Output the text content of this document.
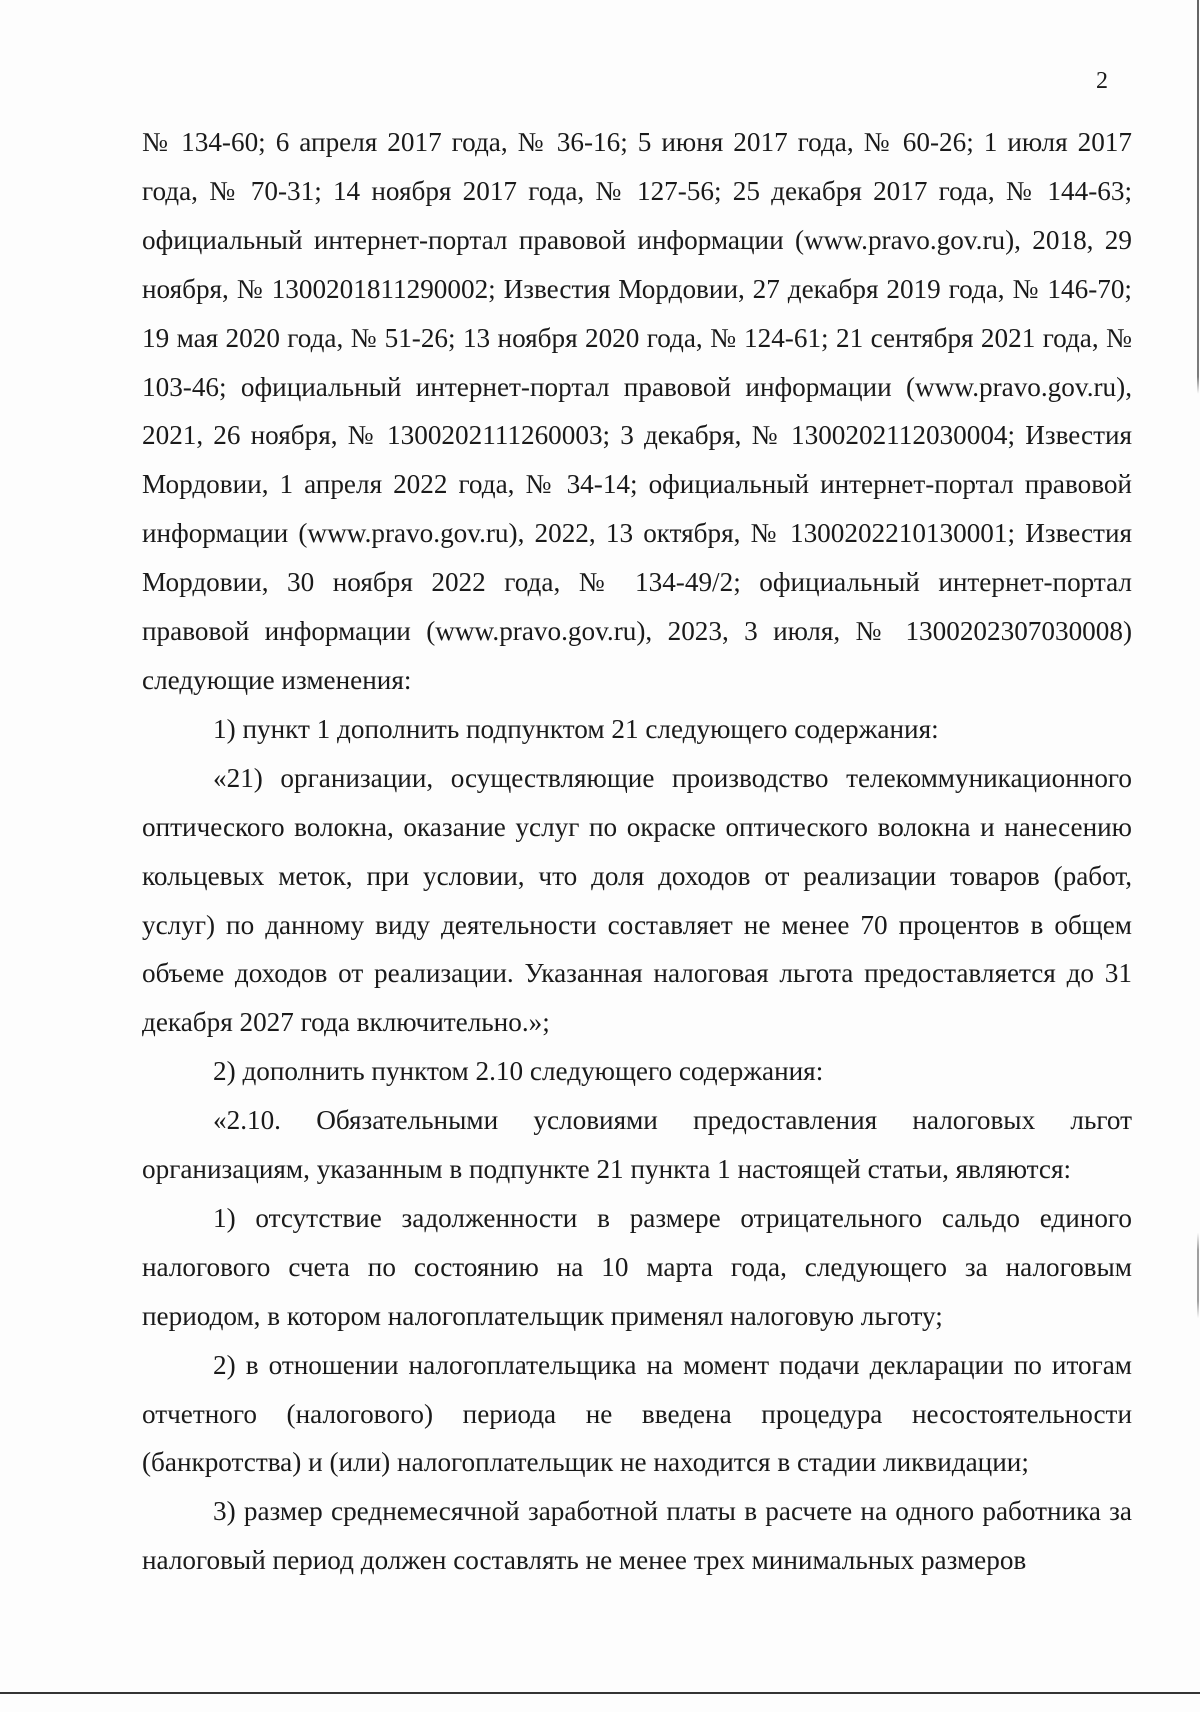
2

№ 134-60; 6 апреля 2017 года, № 36-16; 5 июня 2017 года, № 60-26; 1 июля 2017 года, № 70-31; 14 ноября 2017 года, № 127-56; 25 декабря 2017 года, № 144-63; официальный интернет-портал правовой информации (www.pravo.gov.ru), 2018, 29 ноября, № 1300201811290002; Известия Мордовии, 27 декабря 2019 года, № 146-70; 19 мая 2020 года, № 51-26; 13 ноября 2020 года, № 124-61; 21 сентября 2021 года, № 103-46; официальный интернет-портал правовой информации (www.pravo.gov.ru), 2021, 26 ноября, № 1300202111260003; 3 декабря, № 1300202112030004; Известия Мордовии, 1 апреля 2022 года, № 34-14; официальный интернет-портал правовой информации (www.pravo.gov.ru), 2022, 13 октября, № 1300202210130001; Известия Мордовии, 30 ноября 2022 года, № 134-49/2; официальный интернет-портал правовой информации (www.pravo.gov.ru), 2023, 3 июля, № 1300202307030008) следующие изменения:

1) пункт 1 дополнить подпунктом 21 следующего содержания:

«21) организации, осуществляющие производство телекоммуникационного оптического волокна, оказание услуг по окраске оптического волокна и нанесению кольцевых меток, при условии, что доля доходов от реализации товаров (работ, услуг) по данному виду деятельности составляет не менее 70 процентов в общем объеме доходов от реализации. Указанная налоговая льгота предоставляется до 31 декабря 2027 года включительно.»;

2) дополнить пунктом 2.10 следующего содержания:

«2.10. Обязательными условиями предоставления налоговых льгот организациям, указанным в подпункте 21 пункта 1 настоящей статьи, являются:

1) отсутствие задолженности в размере отрицательного сальдо единого налогового счета по состоянию на 10 марта года, следующего за налоговым периодом, в котором налогоплательщик применял налоговую льготу;

2) в отношении налогоплательщика на момент подачи декларации по итогам отчетного (налогового) периода не введена процедура несостоятельности (банкротства) и (или) налогоплательщик не находится в стадии ликвидации;

3) размер среднемесячной заработной платы в расчете на одного работника за налоговый период должен составлять не менее трех минимальных размеров
